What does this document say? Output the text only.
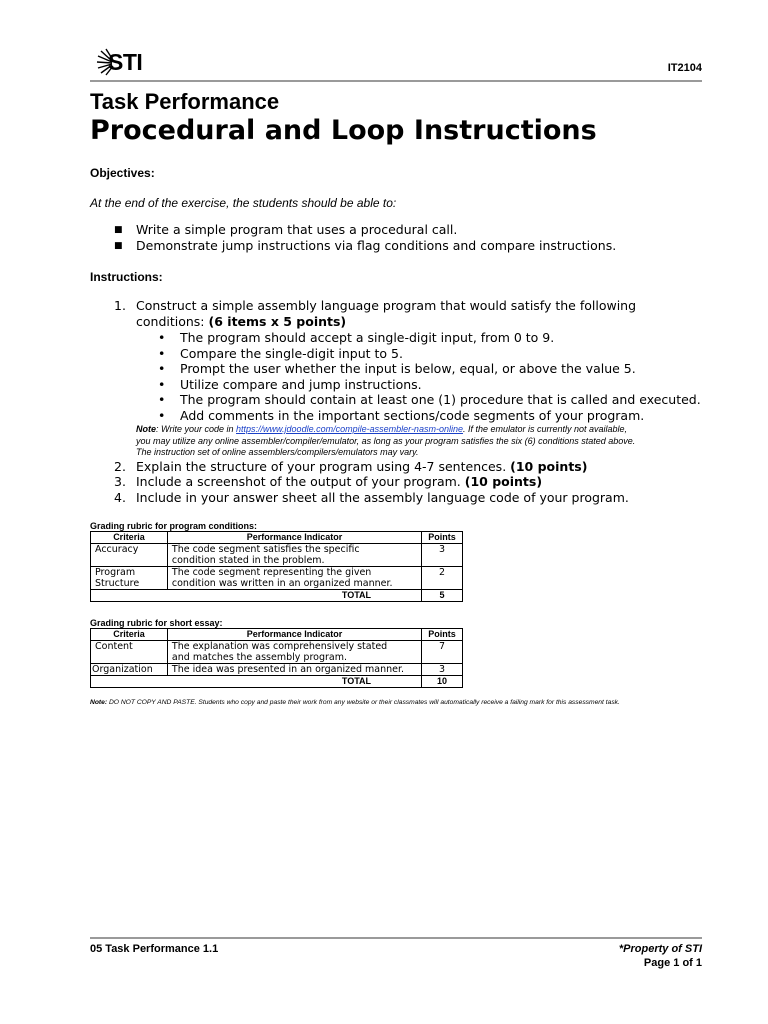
STI	IT2104
Task Performance
Procedural and Loop Instructions
Objectives:
At the end of the exercise, the students should be able to:
■ Write a simple program that uses a procedural call.
■ Demonstrate jump instructions via flag conditions and compare instructions.
Instructions:
1. Construct a simple assembly language program that would satisfy the following
conditions: (6 items x 5 points)
• The program should accept a single-digit input, from 0 to 9.
• Compare the single-digit input to 5.
• Prompt the user whether the input is below, equal, or above the value 5.
• Utilize compare and jump instructions.
• The program should contain at least one (1) procedure that is called and executed.
• Add comments in the important sections/code segments of your program.
Note: Write your code in https://www.jdoodle.com/compile-assembler-nasm-online. If the emulator is currently not available,
you may utilize any online assembler/compiler/emulator, as long as your program satisfies the six (6) conditions stated above.
The instruction set of online assemblers/compilers/emulators may vary.
2. Explain the structure of your program using 4-7 sentences. (10 points)
3. Include a screenshot of the output of your program. (10 points)
4. Include in your answer sheet all the assembly language code of your program.
Grading rubric for program conditions:
Criteria	Performance Indicator	Points
Accuracy	The code segment satisfies the specific
condition stated in the problem.	3
Program
Structure	The code segment representing the given
condition was written in an organized manner.	2
TOTAL		5
Grading rubric for short essay:
Criteria	Performance Indicator	Points
Content	The explanation was comprehensively stated
and matches the assembly program.	7
Organization	The idea was presented in an organized manner.	3
TOTAL		10
Note: DO NOT COPY AND PASTE. Students who copy and paste their work from any website or their classmates will automatically receive a failing mark for this assessment task.
05 Task Performance 1.1	*Property of STI
Page 1 of 1
